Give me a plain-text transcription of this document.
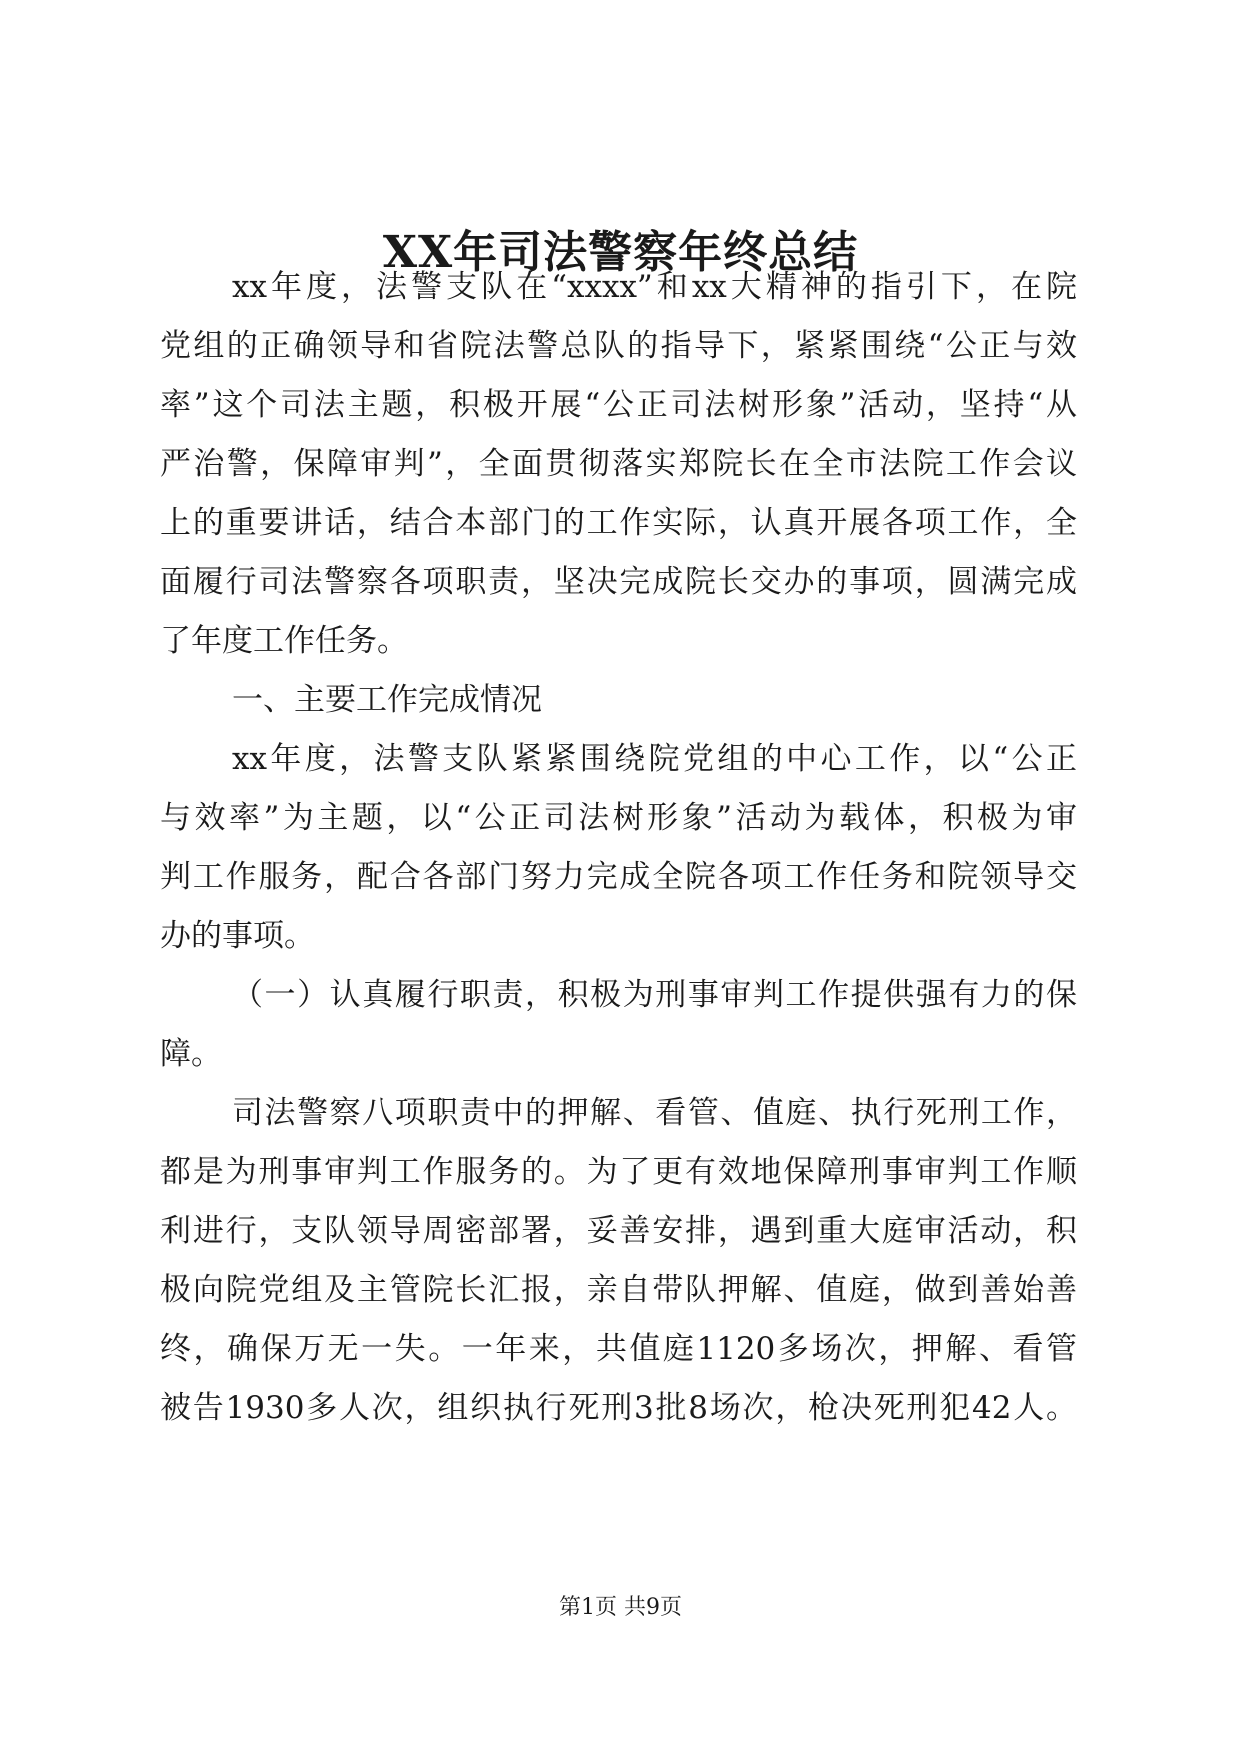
XX年司法警察年终总结

xx年度，法警支队在“xxxx”和xx大精神的指引下，在院

党组的正确领导和省院法警总队的指导下，紧紧围绕“公正与效

率”这个司法主题，积极开展“公正司法树形象”活动，坚持“从

严治警，保障审判”，全面贯彻落实郑院长在全市法院工作会议

上的重要讲话，结合本部门的工作实际，认真开展各项工作，全

面履行司法警察各项职责，坚决完成院长交办的事项，圆满完成

了年度工作任务。

一、主要工作完成情况

xx年度，法警支队紧紧围绕院党组的中心工作，以“公正

与效率”为主题，以“公正司法树形象”活动为载体，积极为审

判工作服务，配合各部门努力完成全院各项工作任务和院领导交

办的事项。

（一）认真履行职责，积极为刑事审判工作提供强有力的保

障。

司法警察八项职责中的押解、看管、值庭、执行死刑工作，

都是为刑事审判工作服务的。为了更有效地保障刑事审判工作顺

利进行，支队领导周密部署，妥善安排，遇到重大庭审活动，积

极向院党组及主管院长汇报，亲自带队押解、值庭，做到善始善

终，确保万无一失。一年来，共值庭1120多场次，押解、看管

被告1930多人次，组织执行死刑3批8场次，枪决死刑犯42人。

第1页 共9页
